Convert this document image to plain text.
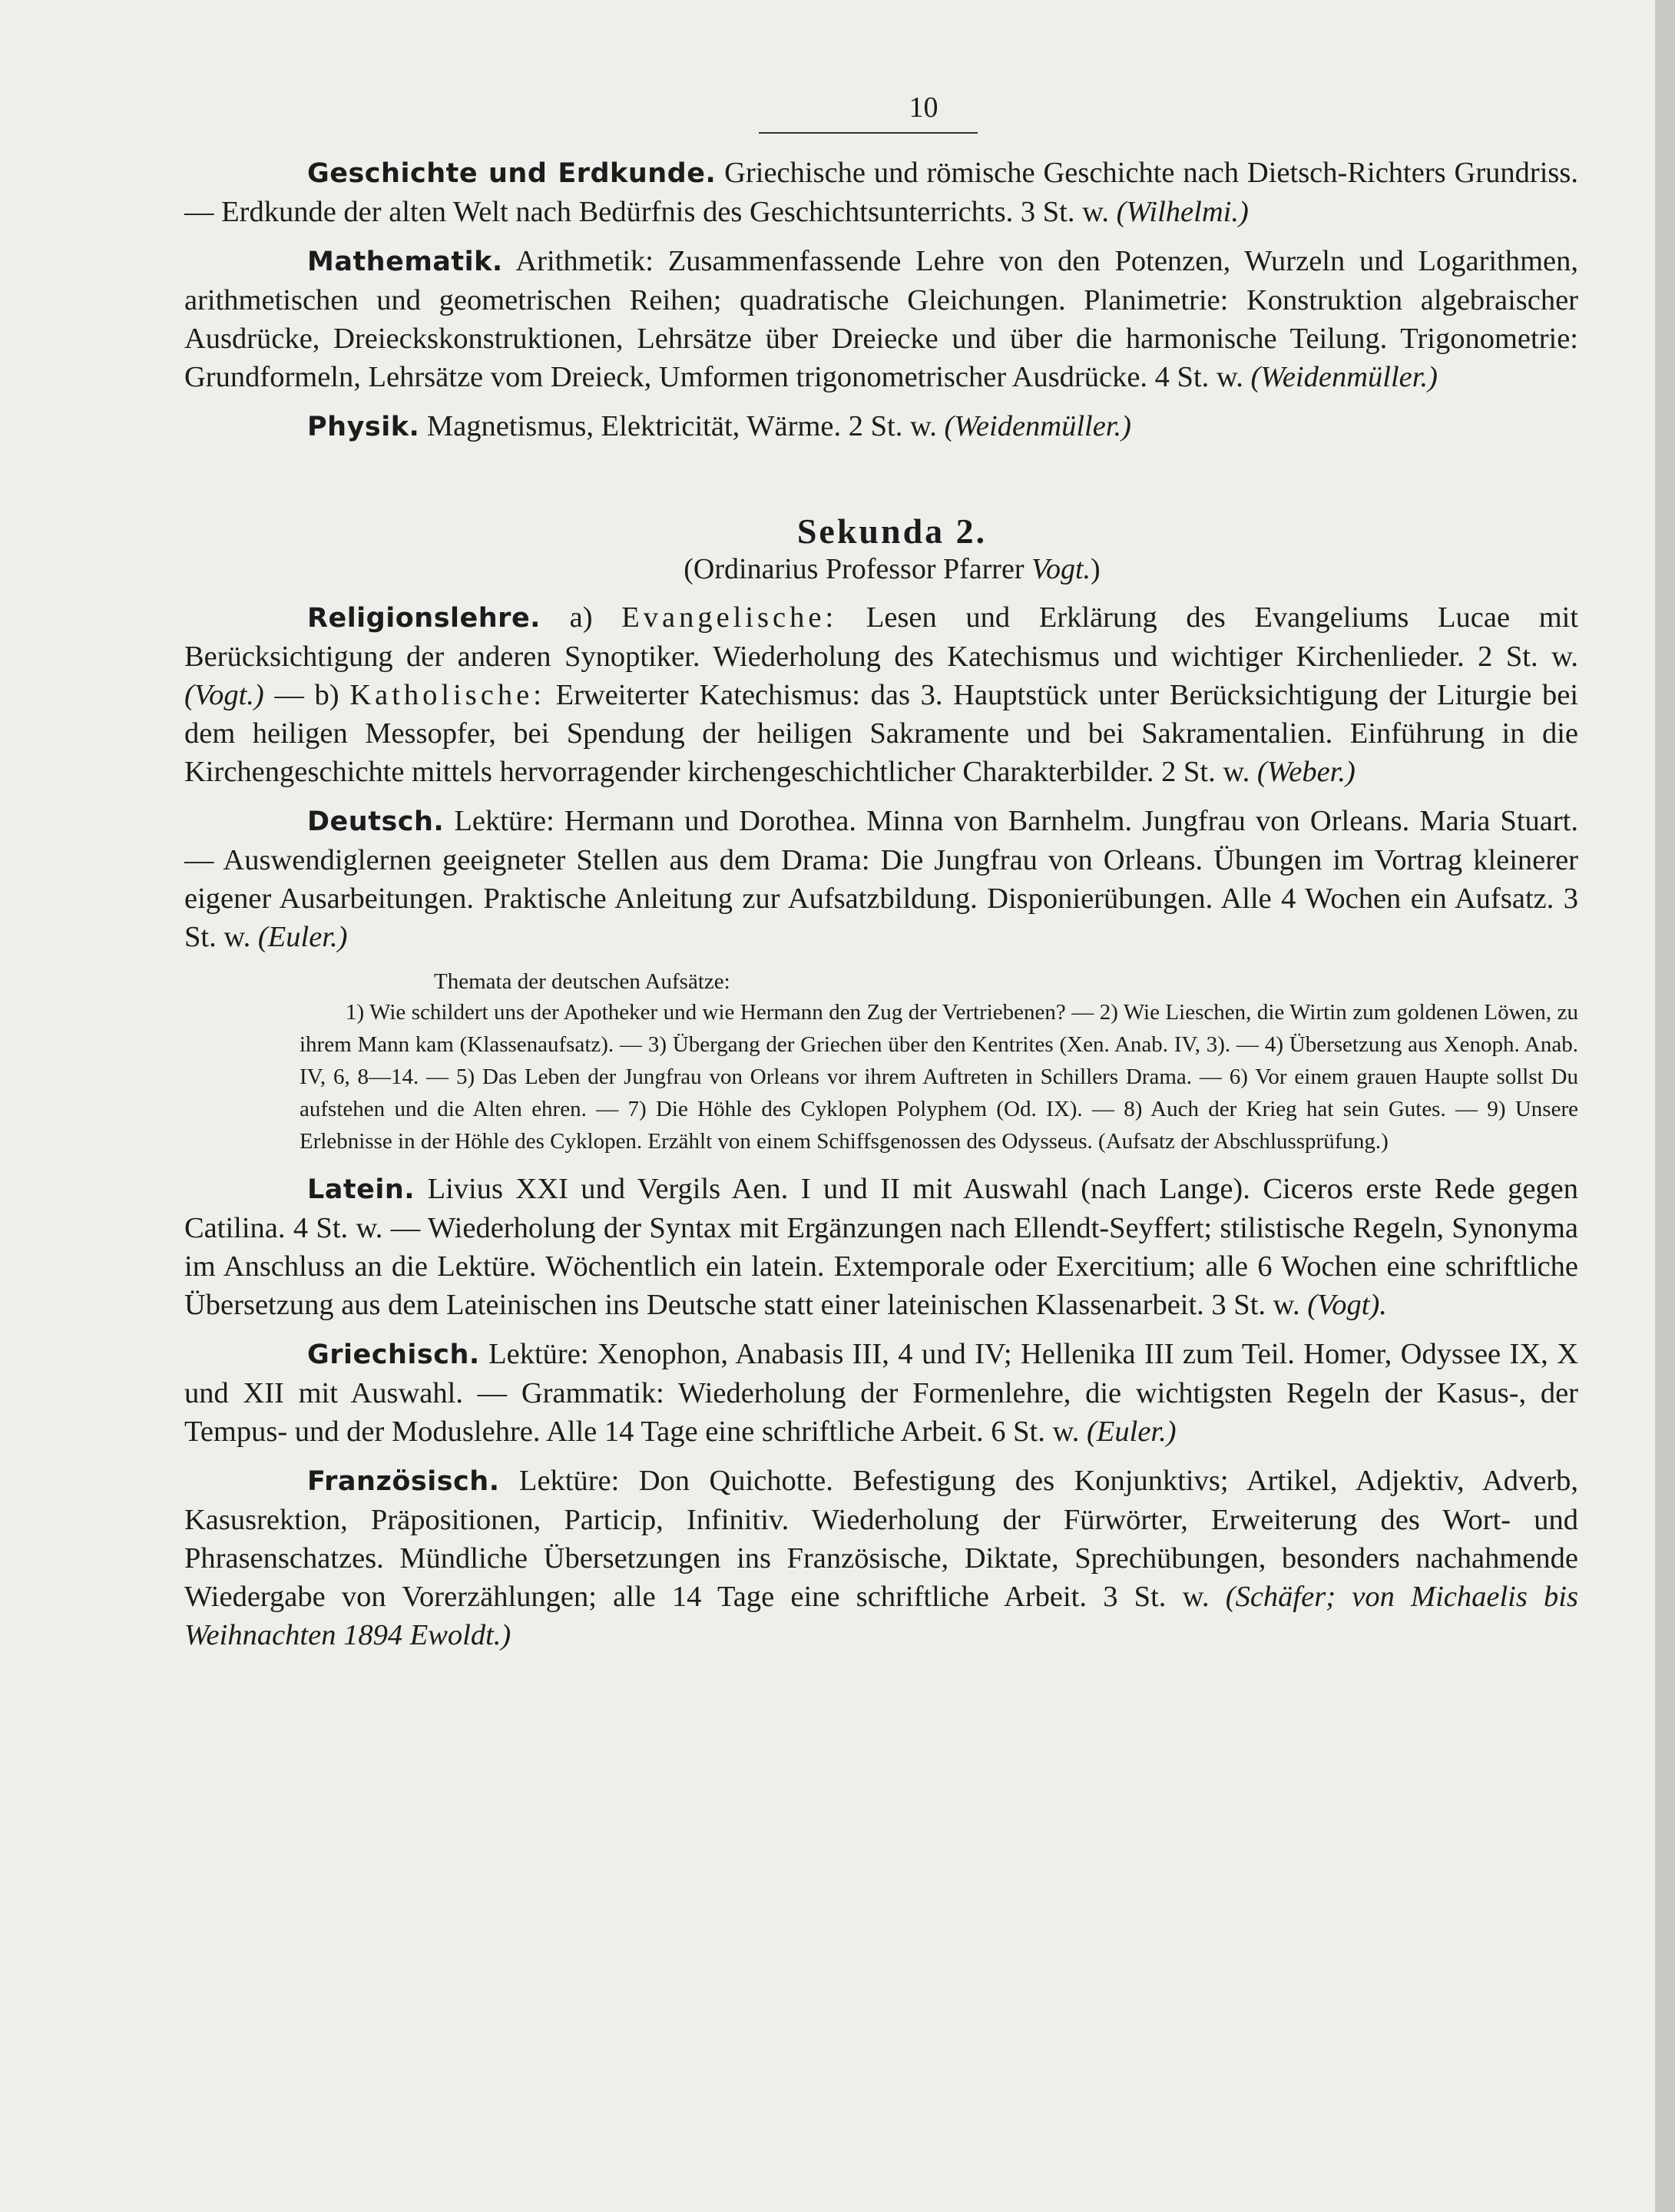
10

Geschichte und Erdkunde. Griechische und römische Geschichte nach Dietsch-Richters Grundriss. — Erdkunde der alten Welt nach Bedürfnis des Geschichtsunterrichts. 3 St. w. (Wilhelmi.)

Mathematik. Arithmetik: Zusammenfassende Lehre von den Potenzen, Wurzeln und Logarithmen, arithmetischen und geometrischen Reihen; quadratische Gleichungen. Planimetrie: Konstruktion algebraischer Ausdrücke, Dreieckskonstruktionen, Lehrsätze über Dreiecke und über die harmonische Teilung. Trigonometrie: Grundformeln, Lehrsätze vom Dreieck, Umformen trigonometrischer Ausdrücke. 4 St. w. (Weidenmüller.)

Physik. Magnetismus, Elektricität, Wärme. 2 St. w. (Weidenmüller.)

Sekunda 2.
(Ordinarius Professor Pfarrer Vogt.)

Religionslehre. a) Evangelische: Lesen und Erklärung des Evangeliums Lucae mit Berücksichtigung der anderen Synoptiker. Wiederholung des Katechismus und wichtiger Kirchenlieder. 2 St. w. (Vogt.) — b) Katholische: Erweiterter Katechismus: das 3. Hauptstück unter Berücksichtigung der Liturgie bei dem heiligen Messopfer, bei Spendung der heiligen Sakramente und bei Sakramentalien. Einführung in die Kirchengeschichte mittels hervorragender kirchengeschichtlicher Charakterbilder. 2 St. w. (Weber.)

Deutsch. Lektüre: Hermann und Dorothea. Minna von Barnhelm. Jungfrau von Orleans. Maria Stuart. — Auswendiglernen geeigneter Stellen aus dem Drama: Die Jungfrau von Orleans. Übungen im Vortrag kleinerer eigener Ausarbeitungen. Praktische Anleitung zur Aufsatzbildung. Disponierübungen. Alle 4 Wochen ein Aufsatz. 3 St. w. (Euler.)

Themata der deutschen Aufsätze:

1) Wie schildert uns der Apotheker und wie Hermann den Zug der Vertriebenen? — 2) Wie Lieschen, die Wirtin zum goldenen Löwen, zu ihrem Mann kam (Klassenaufsatz). — 3) Übergang der Griechen über den Kentrites (Xen. Anab. IV, 3). — 4) Übersetzung aus Xenoph. Anab. IV, 6, 8—14. — 5) Das Leben der Jungfrau von Orleans vor ihrem Auftreten in Schillers Drama. — 6) Vor einem grauen Haupte sollst Du aufstehen und die Alten ehren. — 7) Die Höhle des Cyklopen Polyphem (Od. IX). — 8) Auch der Krieg hat sein Gutes. — 9) Unsere Erlebnisse in der Höhle des Cyklopen. Erzählt von einem Schiffsgenossen des Odysseus. (Aufsatz der Abschlussprüfung.)

Latein. Livius XXI und Vergils Aen. I und II mit Auswahl (nach Lange). Ciceros erste Rede gegen Catilina. 4 St. w. — Wiederholung der Syntax mit Ergänzungen nach Ellendt-Seyffert; stilistische Regeln, Synonyma im Anschluss an die Lektüre. Wöchentlich ein latein. Extemporale oder Exercitium; alle 6 Wochen eine schriftliche Übersetzung aus dem Lateinischen ins Deutsche statt einer lateinischen Klassenarbeit. 3 St. w. (Vogt).

Griechisch. Lektüre: Xenophon, Anabasis III, 4 und IV; Hellenika III zum Teil. Homer, Odyssee IX, X und XII mit Auswahl. — Grammatik: Wiederholung der Formenlehre, die wichtigsten Regeln der Kasus-, der Tempus- und der Moduslehre. Alle 14 Tage eine schriftliche Arbeit. 6 St. w. (Euler.)

Französisch. Lektüre: Don Quichotte. Befestigung des Konjunktivs; Artikel, Adjektiv, Adverb, Kasusrektion, Präpositionen, Particip, Infinitiv. Wiederholung der Fürwörter, Erweiterung des Wort- und Phrasenschatzes. Mündliche Übersetzungen ins Französische, Diktate, Sprechübungen, besonders nachahmende Wiedergabe von Vorerzählungen; alle 14 Tage eine schriftliche Arbeit. 3 St. w. (Schäfer; von Michaelis bis Weihnachten 1894 Ewoldt.)
